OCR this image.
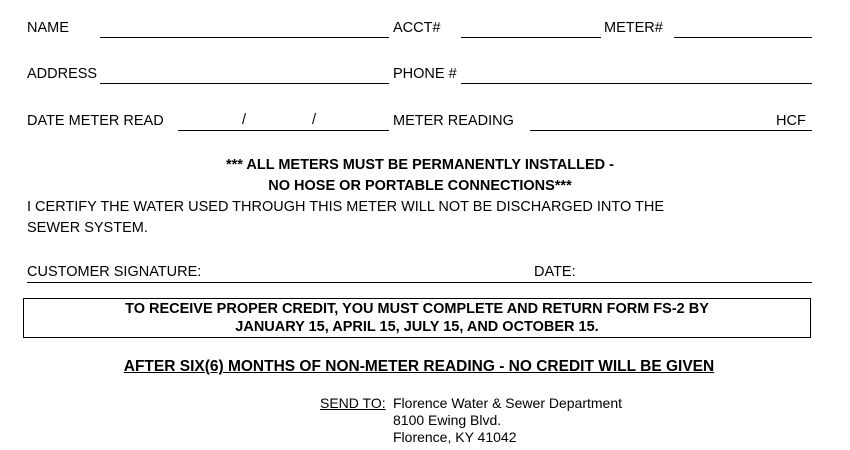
NAME	ACCT#	METER#
ADDRESS	PHONE #
DATE METER READ	/	/	METER READING	HCF
*** ALL METERS MUST BE PERMANENTLY INSTALLED -
NO HOSE OR PORTABLE CONNECTIONS***
I CERTIFY THE WATER USED THROUGH THIS METER WILL NOT BE DISCHARGED INTO THE
SEWER SYSTEM.
CUSTOMER SIGNATURE:	DATE:
TO RECEIVE PROPER CREDIT, YOU MUST COMPLETE AND RETURN FORM FS-2 BY
JANUARY 15, APRIL 15, JULY 15, AND OCTOBER 15.
AFTER SIX(6) MONTHS OF NON-METER READING - NO CREDIT WILL BE GIVEN
SEND TO: Florence Water & Sewer Department
8100 Ewing Blvd.
Florence, KY 41042
